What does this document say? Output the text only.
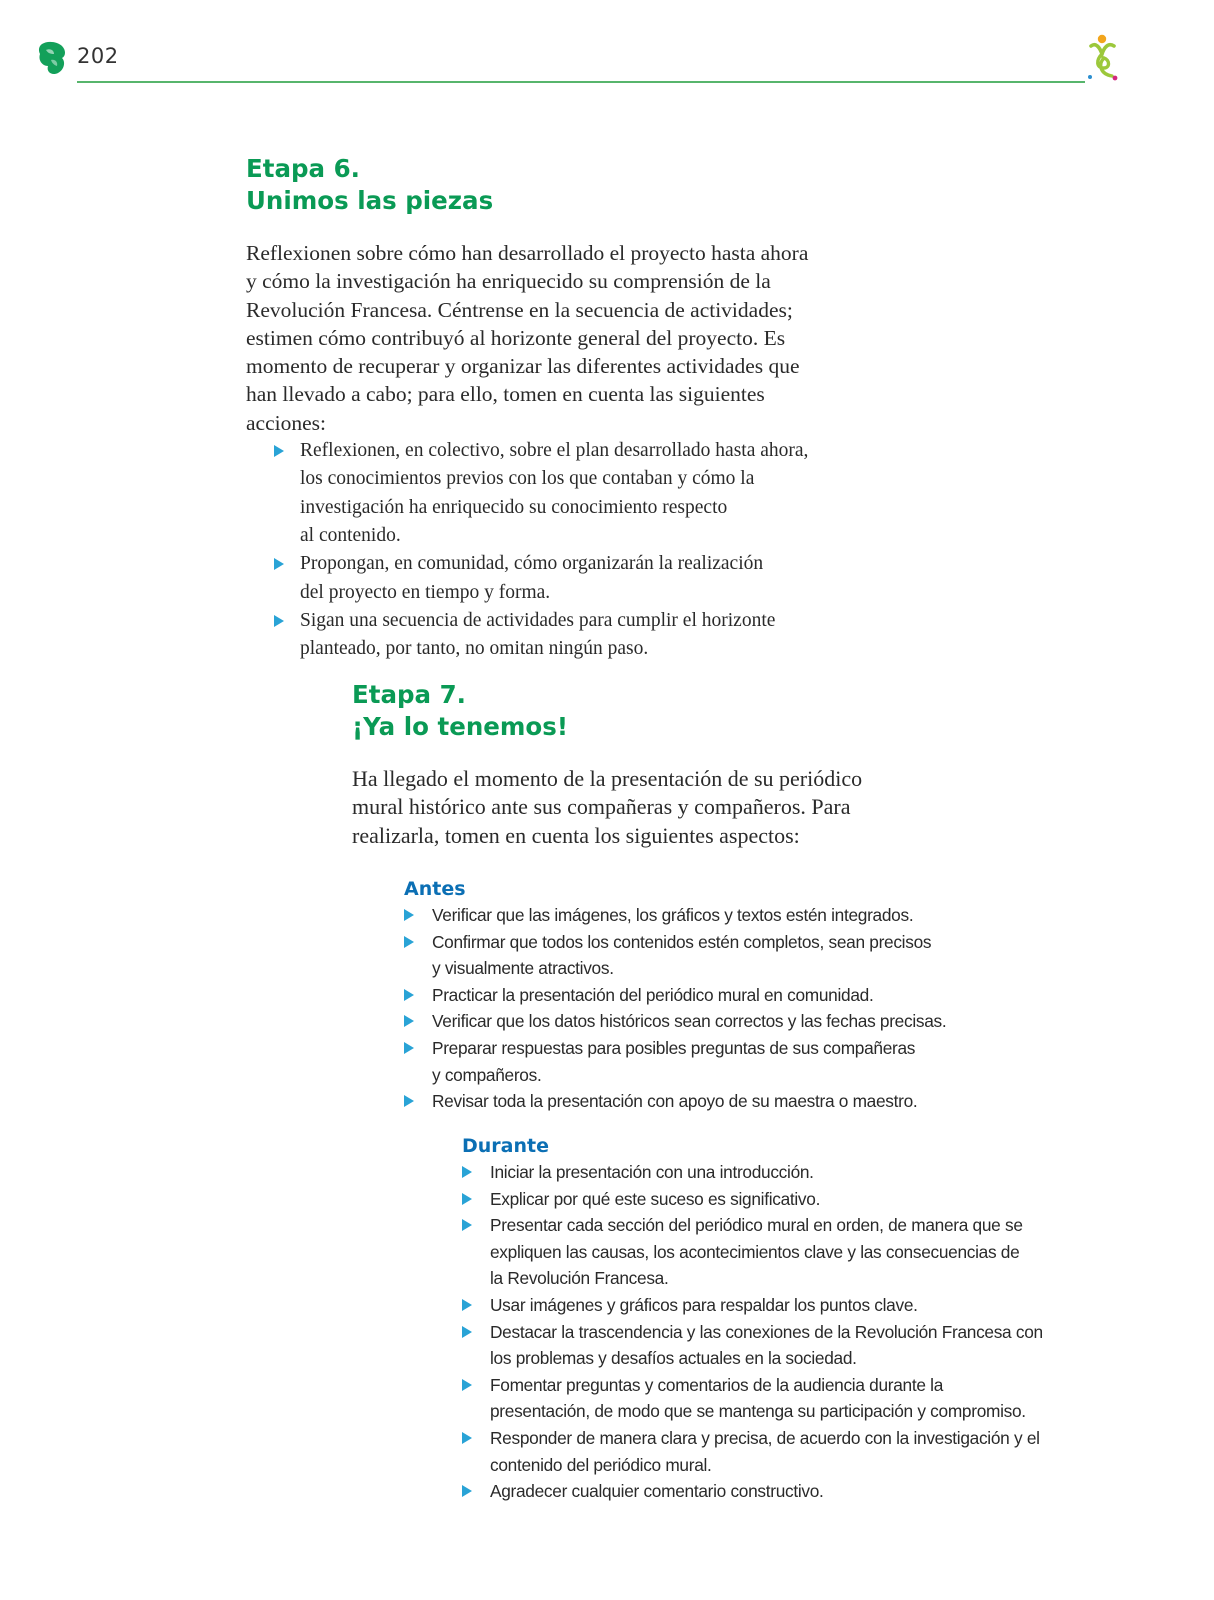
202
Etapa 6.
Unimos las piezas

Reflexionen sobre cómo han desarrollado el proyecto hasta ahora
y cómo la investigación ha enriquecido su comprensión de la
Revolución Francesa. Céntrense en la secuencia de actividades;
estimen cómo contribuyó al horizonte general del proyecto. Es
momento de recuperar y organizar las diferentes actividades que
han llevado a cabo; para ello, tomen en cuenta las siguientes
acciones:

Reflexionen, en colectivo, sobre el plan desarrollado hasta ahora,
los conocimientos previos con los que contaban y cómo la
investigación ha enriquecido su conocimiento respecto
al contenido.
Propongan, en comunidad, cómo organizarán la realización
del proyecto en tiempo y forma.
Sigan una secuencia de actividades para cumplir el horizonte
planteado, por tanto, no omitan ningún paso.
Etapa 7.
¡Ya lo tenemos!

Ha llegado el momento de la presentación de su periódico
mural histórico ante sus compañeras y compañeros. Para
realizarla, tomen en cuenta los siguientes aspectos:

Antes
Verificar que las imágenes, los gráficos y textos estén integrados.
Confirmar que todos los contenidos estén completos, sean precisos
y visualmente atractivos.
Practicar la presentación del periódico mural en comunidad.
Verificar que los datos históricos sean correctos y las fechas precisas.
Preparar respuestas para posibles preguntas de sus compañeras
y compañeros.
Revisar toda la presentación con apoyo de su maestra o maestro.
Durante
Iniciar la presentación con una introducción.
Explicar por qué este suceso es significativo.
Presentar cada sección del periódico mural en orden, de manera que se
expliquen las causas, los acontecimientos clave y las consecuencias de
la Revolución Francesa.
Usar imágenes y gráficos para respaldar los puntos clave.
Destacar la trascendencia y las conexiones de la Revolución Francesa con
los problemas y desafíos actuales en la sociedad.
Fomentar preguntas y comentarios de la audiencia durante la
presentación, de modo que se mantenga su participación y compromiso.
Responder de manera clara y precisa, de acuerdo con la investigación y el
contenido del periódico mural.
Agradecer cualquier comentario constructivo.
